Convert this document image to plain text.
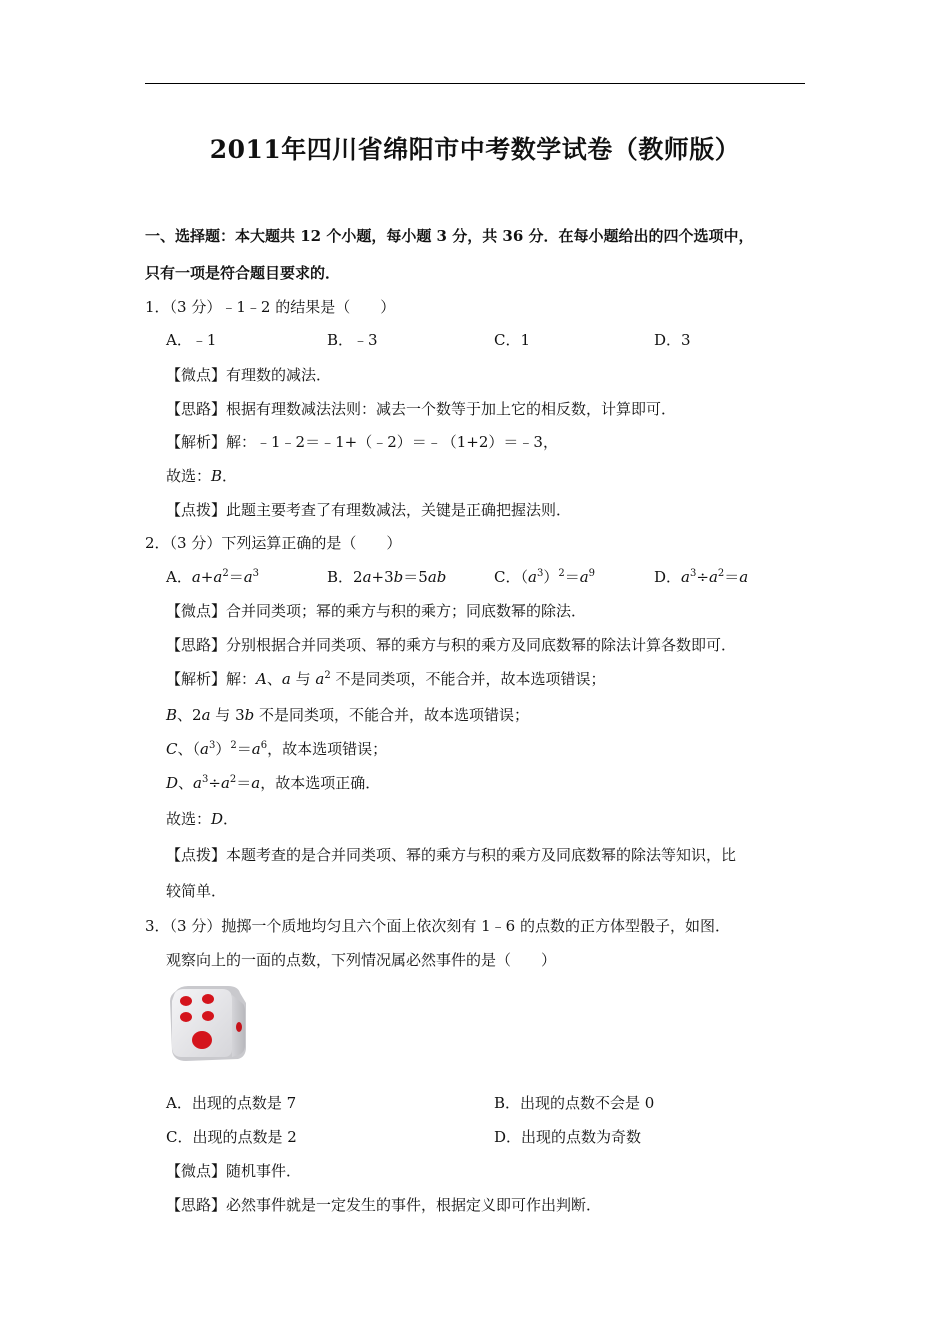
2011年四川省绵阳市中考数学试卷（教师版）
一、选择题：本大题共 12 个小题，每小题 3 分，共 36 分．在每小题给出的四个选项中，
只有一项是符合题目要求的．
1．（3 分）﹣1﹣2 的结果是（　　）
A．﹣1	B．﹣3	C．1	D．3
【微点】有理数的减法．
【思路】根据有理数减法法则：减去一个数等于加上它的相反数，计算即可．
【解析】解：﹣1﹣2＝﹣1+（﹣2）＝﹣（1+2）＝﹣3，
故选：B．
【点拨】此题主要考查了有理数减法，关键是正确把握法则．
2．（3 分）下列运算正确的是（　　）
A．$a+a^2=a^3$	B．2a+3b＝5ab	C．$(a^3)^2=a^9$	D．$a^3\div a^2=a$
【微点】合并同类项；幂的乘方与积的乘方；同底数幂的除法．
【思路】分别根据合并同类项、幂的乘方与积的乘方及同底数幂的除法计算各数即可．
【解析】解：A、a 与 $a^2$ 不是同类项，不能合并，故本选项错误；
B、2a 与 3b 不是同类项，不能合并，故本选项错误；
C、$(a^3)^2=a^6$，故本选项错误；
D、$a^3\div a^2=a$，故本选项正确．
故选：D．
【点拨】本题考查的是合并同类项、幂的乘方与积的乘方及同底数幂的除法等知识，比
较简单．
3．（3 分）抛掷一个质地均匀且六个面上依次刻有 1﹣6 的点数的正方体型骰子，如图．
观察向上的一面的点数，下列情况属必然事件的是（　　）
A．出现的点数是 7	B．出现的点数不会是 0
C．出现的点数是 2	D．出现的点数为奇数
【微点】随机事件．
【思路】必然事件就是一定发生的事件，根据定义即可作出判断．
